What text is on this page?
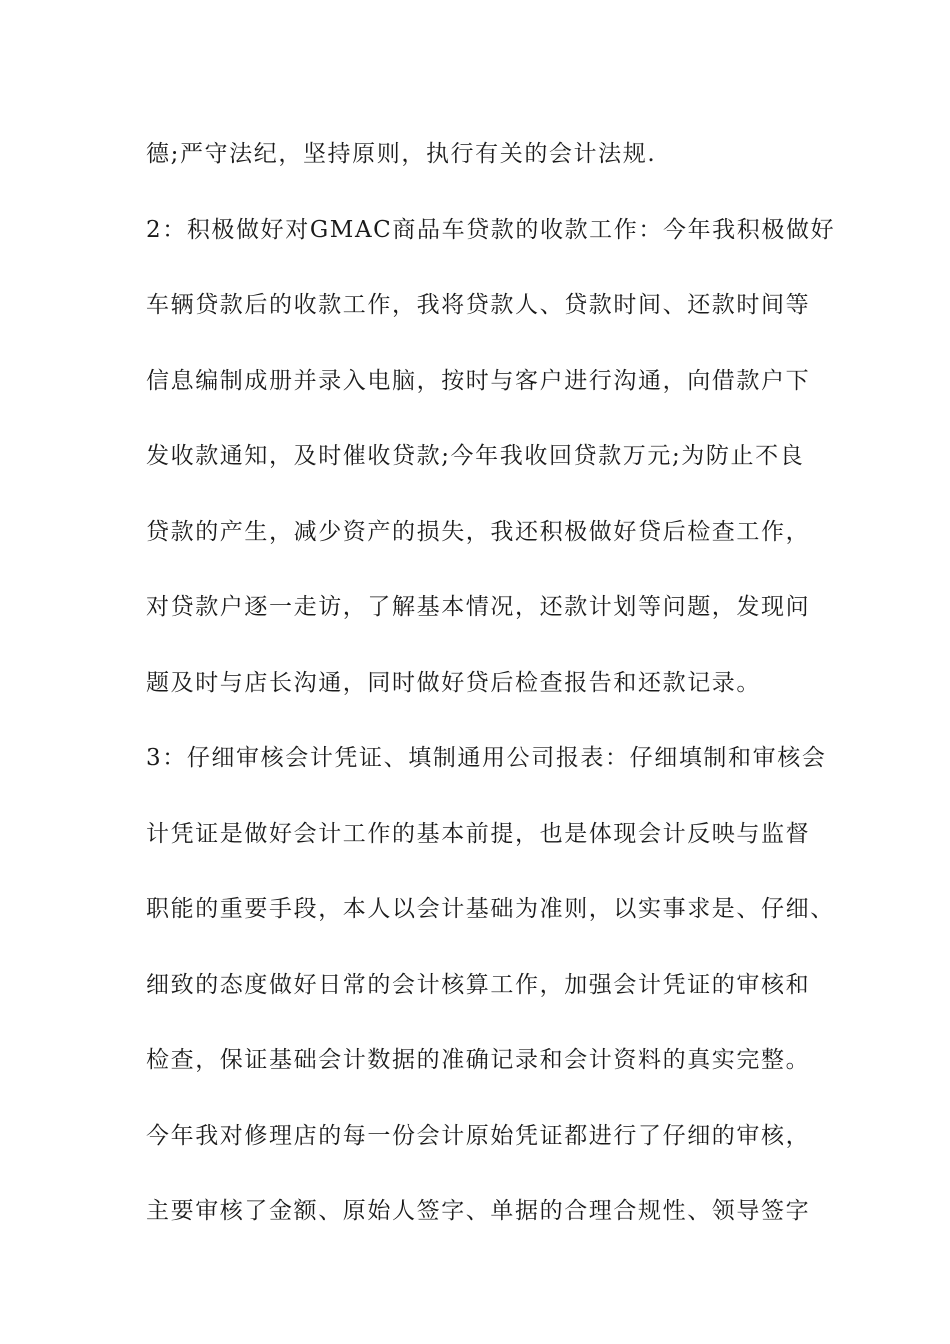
德;严守法纪，坚持原则，执行有关的会计法规.
2：积极做好对GMAC商品车贷款的收款工作：今年我积极做好
车辆贷款后的收款工作，我将贷款人、贷款时间、还款时间等
信息编制成册并录入电脑，按时与客户进行沟通，向借款户下
发收款通知，及时催收贷款;今年我收回贷款万元;为防止不良
贷款的产生，减少资产的损失，我还积极做好贷后检查工作，
对贷款户逐一走访，了解基本情况，还款计划等问题，发现问
题及时与店长沟通，同时做好贷后检查报告和还款记录。
3：仔细审核会计凭证、填制通用公司报表：仔细填制和审核会
计凭证是做好会计工作的基本前提，也是体现会计反映与监督
职能的重要手段，本人以会计基础为准则，以实事求是、仔细、
细致的态度做好日常的会计核算工作，加强会计凭证的审核和
检查，保证基础会计数据的准确记录和会计资料的真实完整。
今年我对修理店的每一份会计原始凭证都进行了仔细的审核，
主要审核了金额、原始人签字、单据的合理合规性、领导签字
